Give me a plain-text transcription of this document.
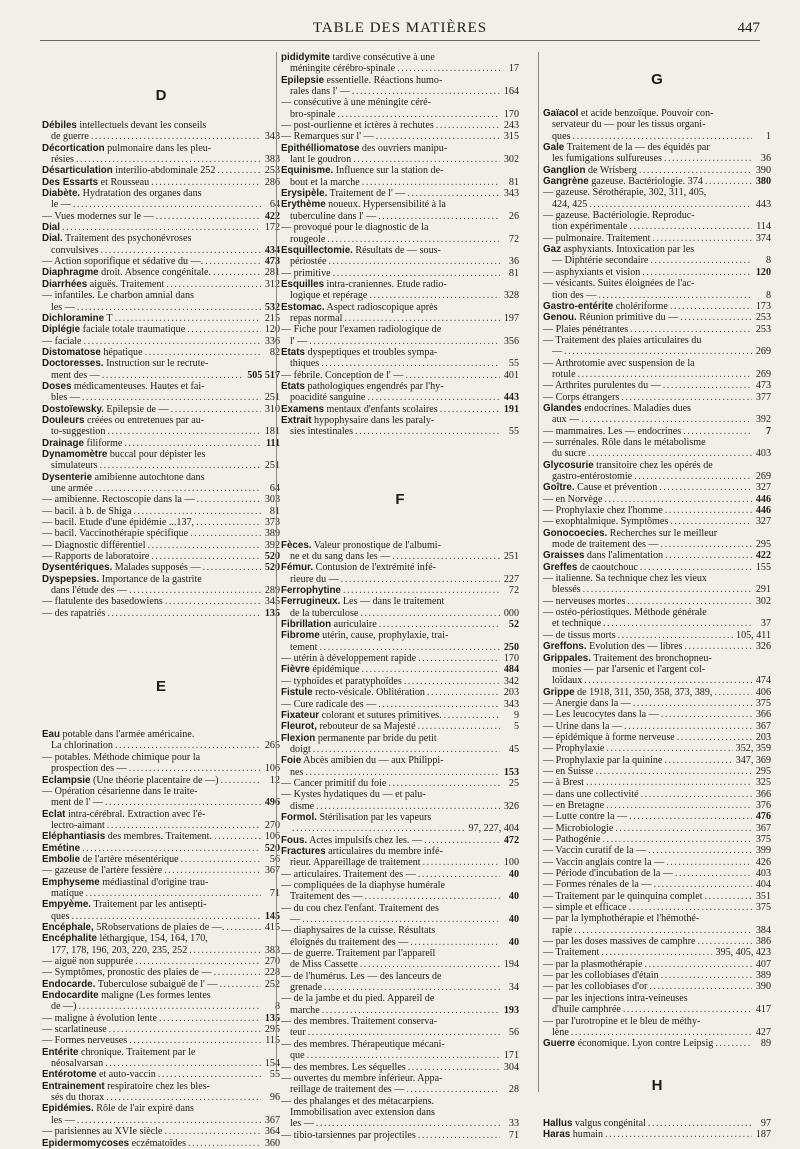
TABLE DES MATIÈRES	447
D
Débiles intellectuels devant les conseils
de guerre . . .	343
Décortication pulmonaire dans les pleu-
résies . . .	383
Désarticulation interilio-abdominale 252 . . .	253
Des Essarts et Rousseau . . .	286
Diabète. Hydratation des organes dans
le — . . .	64
— Vues modernes sur le — . . .	422
Dial . . .	172
Dial. Traitement des psychonévroses
convulsives . . .	434
— Action soporifique et sédative du —. . . .	473
Diaphragme droit. Absence congénitale. . . .	281
Diarrhées aiguës. Traitement . . .	312
— infantiles. Le charbon amnial dans
les — . . .	532
Dichloramine T . . .	215
Diplégie faciale totale traumatique . . .	120
— faciale . . .	336
Distomatose hépatique . . .	82
Doctoresses. Instruction sur le recrute-
ment des — . . .	505 517
Doses médicamenteuses. Hautes et fai-
bles — . . .	251
Dostoïewsky. Epilepsie de — . . .	310
Douleurs créées ou entretenues par au-
to-suggestion . . .	181
Drainage filiforme . . .	111
Dynamomètre buccal pour dépister les
simulateurs . . .	251
Dysenterie amibienne autochtone dans
une armée . . .	64
— amibienne. Rectoscopie dans la — . . .	303
— bacil. à b. de Shiga . . .	81
— bacil. Etude d'une épidémie ...137, . . .	373
— bacil. Vaccinothérapie spécifique . . .	389
— Diagnostic différentiel . . .	392
— Rapports de laboratoire . . .	520
Dysentériques. Malades supposés — . . .	520
Dyspepsies. Importance de la gastrite
dans l'étude des — . . .	289
— flatulente des basedowiens . . .	345
— des rapatriés . . .	135
E
Eau potable dans l'armée américaine.
La chlorination . . .	265
— potables. Méthode chimique pour la
prospection des — . . .	106
Eclampsie (Une théorie placentaire de —) . . .	12
— Opération césarienne dans le traite-
ment de l' — . . .	496
Eclat intra-cérébral. Extraction avec l'é-
lectro-aimant . . .	270
Eléphantiasis des membres. Traitement. . . .	106
Emétine . . .	520
Embolie de l'artère mésentérique . . .	56
— gazeuse de l'artère fessière . . .	367
Emphyseme médiastinal d'origine trau-
matique . . .	71
Empyème. Traitement par les antisepti-
ques . . .	145
Encéphale, 5Robservations de plaies de —. . . .	415
Encéphalite léthargique, 154, 164, 170,
177, 178, 196, 203, 220, 235, 252 . . .	383
— aiguë non suppurée . . .	270
— Symptômes, pronostic des plaies de — . . .	228
Endocarde. Tuberculose subaiguë de l' — . . .	252
Endocardite maligne (Les formes lentes
de —) . . .	8
— maligne à évolution lente . . .	135
— scarlatineuse . . .	295
— Formes nerveuses . . .	115
Entérite chronique. Traitement par le
néosalvarsan . . .	154
Entérotome et auto-vaccin . . .	55
Entrainement respiratoire chez les bles-
sés du thorax . . .	96
Epidémies. Rôle de l'air expiré dans
les — . . .	367
— parisiennes au XVIe siècle . . .	364
Epidermomycoses eczématoïdes . . .	360
pididymite tardive consécutive à une
méningite cérébro-spinale . . .	17
Epilepsie essentielle. Réactions humo-
rales dans l' — . . .	164
— consécutive à une méningite céré-
bro-spinale . . .	170
— post-ourlienne et ictères à rechutes . . .	243
— Remarques sur l' — . . .	315
Epithélliomatose des ouvriers manipu-
lant le goudron . . .	302
Equinisme. Influence sur la station de-
bout et la marche . . .	81
Erysipèle. Traitement de l' — . . .	343
Erythème noueux. Hypersensibilité à la
tuberculine dans l' — . . .	26
— provoqué pour le diagnostic de la
rougeole . . .	72
Esquillectomie. Résultats de — sous-
périostée . . .	36
— primitive . . .	81
Esquilles intra-craniennes. Etude radio-
logique et repérage . . .	328
Estomac. Aspect radioscopique après
repas normal . . .	197
— Fiche pour l'examen radiologique de
l' — . . .	356
Etats dyspeptiques et troubles sympa-
thiques . . .	55
— fébrile. Conception de l' — . . .	401
Etats pathologiques engendrés par l'hy-
poacidité sanguine . . .	443
Examens mentaux d'enfants scolaires . . .	191
Extrait hypophysaire dans les paraly-
sies intestinales . . .	55
F
Fèces. Valeur pronostique de l'albumi-
ne et du sang dans les — . . .	251
Fémur. Contusion de l'extrémité infé-
rieure du — . . .	227
Ferrophytine . . .	72
Ferrugineux. Les — dans le traitement
de la tuberculose . . .	000
Fibrillation auriculaire . . .	52
Fibrome utérin, cause, prophylaxie, trai-
tement . . .	250
— utérin à développement rapide . . .	170
Fièvre épidémique . . .	484
— typhoïdes et paratyphoïdes . . .	342
Fistule recto-vésicale. Oblitération . . .	203
— Cure radicale des — . . .	343
Fixateur colorant et sutures primitives. . . .	9
Fleurot, rebouteur de sa Majesté . . .	5
Flexion permanente par bride du petit
doigt . . .	45
Foie Abcès amibien du — aux Philippi-
nes . . .	153
— Cancer primitif du foie . . .	25
— Kystes hydatiques du — et palu-
disme . . .	326
Formol. Stérilisation par les vapeurs
. . .
97, 227, 404
Fous. Actes impulsifs chez les. — . . .	472
Fractures articulaires du membre infé-
rieur. Appareillage de traitement . . .	100
— articulaires. Traitement des — . . .	40
— compliquées de la diaphyse humérale
Traitement des — . . .	40
— du cou chez l'enfant. Traitement des
— . . .	40
— diaphysaires de la cuisse. Résultats
éloignés du traitement des — . . .	40
— de guerre. Traitement par l'appareil
de Miss Cassette . . .	194
— de l'humérus. Les — des lanceurs de
grenade . . .	34
— de la jambe et du pied. Appareil de
marche . . .	193
— des membres. Traitement conserva-
teur . . .	56
— des membres. Thérapeutique mécani-
que . . .	171
— des membres. Les séquelles . . .	304
— ouvertes du membre inférieur. Appa-
reillage de traitement des — . . .	28
— des phalanges et des métacarpiens.
Immobilisation avec extension dans
les — . . .	33
— tibio-tarsiennes par projectiles . . .	71
G
Gaïacol et acide benzoïque. Pouvoir con-
servateur du — pour les tissus organi-
ques . . .	1
Gale Traitement de la — des équidés par
les fumigations sulfureuses . . .	36
Ganglion de Wrisberg . . .	390
Gangrène gazeuse. Bactériologie. 374 . . .	380
— gazeuse. Sérothérapie, 302, 311, 405,
424, 425 . . .	443
— gazeuse. Bactériologie. Reproduc-
tion expérimentale . . .	114
— pulmonaire. Traitement . . .	374
Gaz asphyxiants. Intoxication par les
— Diphtérie secondaire . . .	8
— asphyxiants et vision . . .	120
— vésicants. Suites éloignées de l'ac-
tion des — . . .	8
Gastro-entérite cholériforme . . .	173
Genou. Réunion primitive du — . . .	253
— Plaies pénétrantes . . .	253
— Traitement des plaies articulaires du
— . . .	269
— Arthrotomie avec suspension de la
rotule . . .	269
— Arthrites purulentes du — . . .	473
— Corps étrangers . . .	377
Glandes endocrines. Maladies dues
aux — . . .	392
— mammaires. Les — endocrines . . .	7
— surrénales. Rôle dans le métabolisme
du sucre . . .	403
Glycosurie transitoire chez les opérés de
gastro-entérostomie . . .	269
Goître. Cause et prévention . . .	327
— en Norvège . . .	446
— Prophylaxie chez l'homme . . .	446
— exophtalmique. Symptômes . . .	327
Gonocoecies. Recherches sur le meilleur
mode de traitement des — . . .	295
Graisses dans l'alimentation . . .	422
Greffes de caoutchouc . . .	155
— italienne. Sa technique chez les vieux
blessés . . .	291
— nerveuses mortes . . .	302
— ostéo-périostiques. Méthode générale
et technique . . .	37
— de tissus morts . . .	105, 411
Greffons. Evolution des — libres . . .	326
Grippales. Traitement des bronchopneu-
monies — par l'arsenic et l'argent col-
loïdaux . . .	474
Grippe de 1918, 311, 350, 358, 373, 389, . . .	406
— Anergie dans la — . . .	375
— Les leucocytes dans la — . . .	366
— Urine dans la — . . .	367
— épidémique à forme nerveuse . . .	203
— Prophylaxie . . .	352, 359
— Prophylaxie par la quinine . . .	347, 369
— en Suisse . . .	295
— à Brest . . .	325
— dans une collectivité . . .	366
— en Bretagne . . .	376
— Lutte contre la — . . .	476
— Microbiologie . . .	367
— Pathogénie . . .	375
— Vaccin curatif de la — . . .	399
— Vaccin anglais contre la — . . .	426
— Période d'incubation de la — . . .	403
— Formes rénales de la — . . .	404
— Traitement par le quinquina complet . . .	351
— simple et efficace . . .	375
— par la lymphothérapie et l'hémothé-
rapie . . .	384
— par les doses massives de camphre . . .	386
— Traitement . . .	395, 405, 423
— par la plasmothérapie . . .	407
— par les collobiases d'étain . . .	389
— par les collobiases d'or . . .	390
— par les injections intra-veineuses
d'huile camphrée . . .	417
— par l'urotropine et le bleu de méthy-
lène . . .	427
Guerre économique. Lyon contre Leipsig . . .	89
H
Hallus valgus congénital . . .	97
Haras humain . . .	187
